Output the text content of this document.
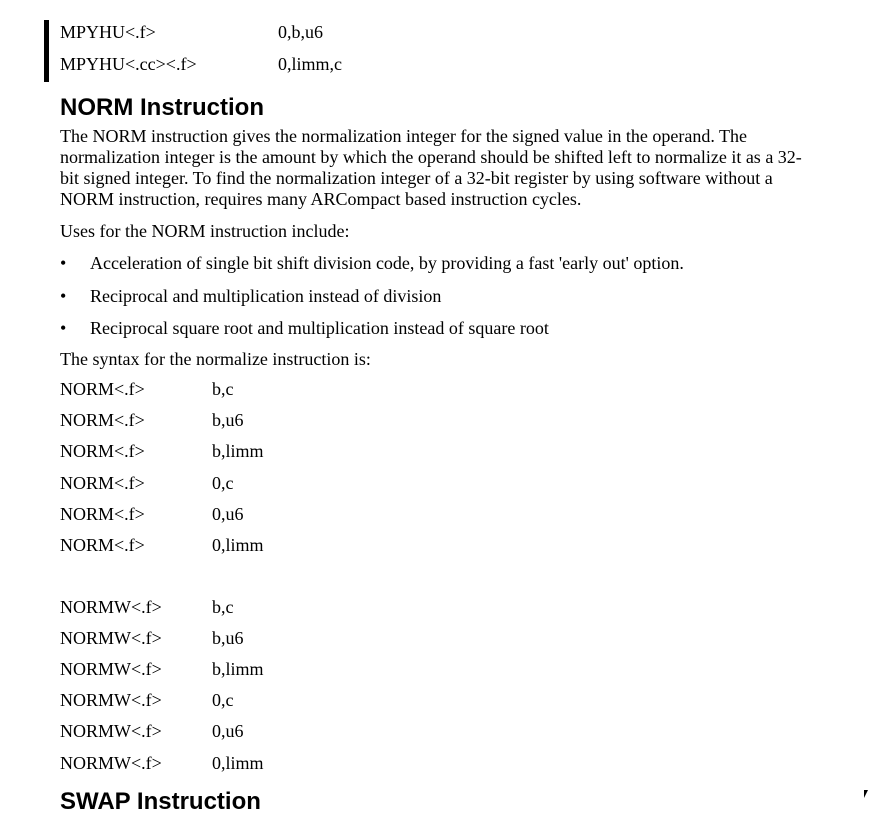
MPYHU<.f>	0,b,u6
MPYHU<.cc><.f>	0,limm,c
NORM Instruction

The NORM instruction gives the normalization integer for the signed value in the operand. The normalization integer is the amount by which the operand should be shifted left to normalize it as a 32-bit signed integer. To find the normalization integer of a 32-bit register by using software without a NORM instruction, requires many ARCompact based instruction cycles.

Uses for the NORM instruction include:

• Acceleration of single bit shift division code, by providing a fast 'early out' option.
• Reciprocal and multiplication instead of division
• Reciprocal square root and multiplication instead of square root

The syntax for the normalize instruction is:

NORM<.f>	b,c
NORM<.f>	b,u6
NORM<.f>	b,limm
NORM<.f>	0,c
NORM<.f>	0,u6
NORM<.f>	0,limm
NORMW<.f>	b,c
NORMW<.f>	b,u6
NORMW<.f>	b,limm
NORMW<.f>	0,c
NORMW<.f>	0,u6
NORMW<.f>	0,limm
SWAP Instruction
